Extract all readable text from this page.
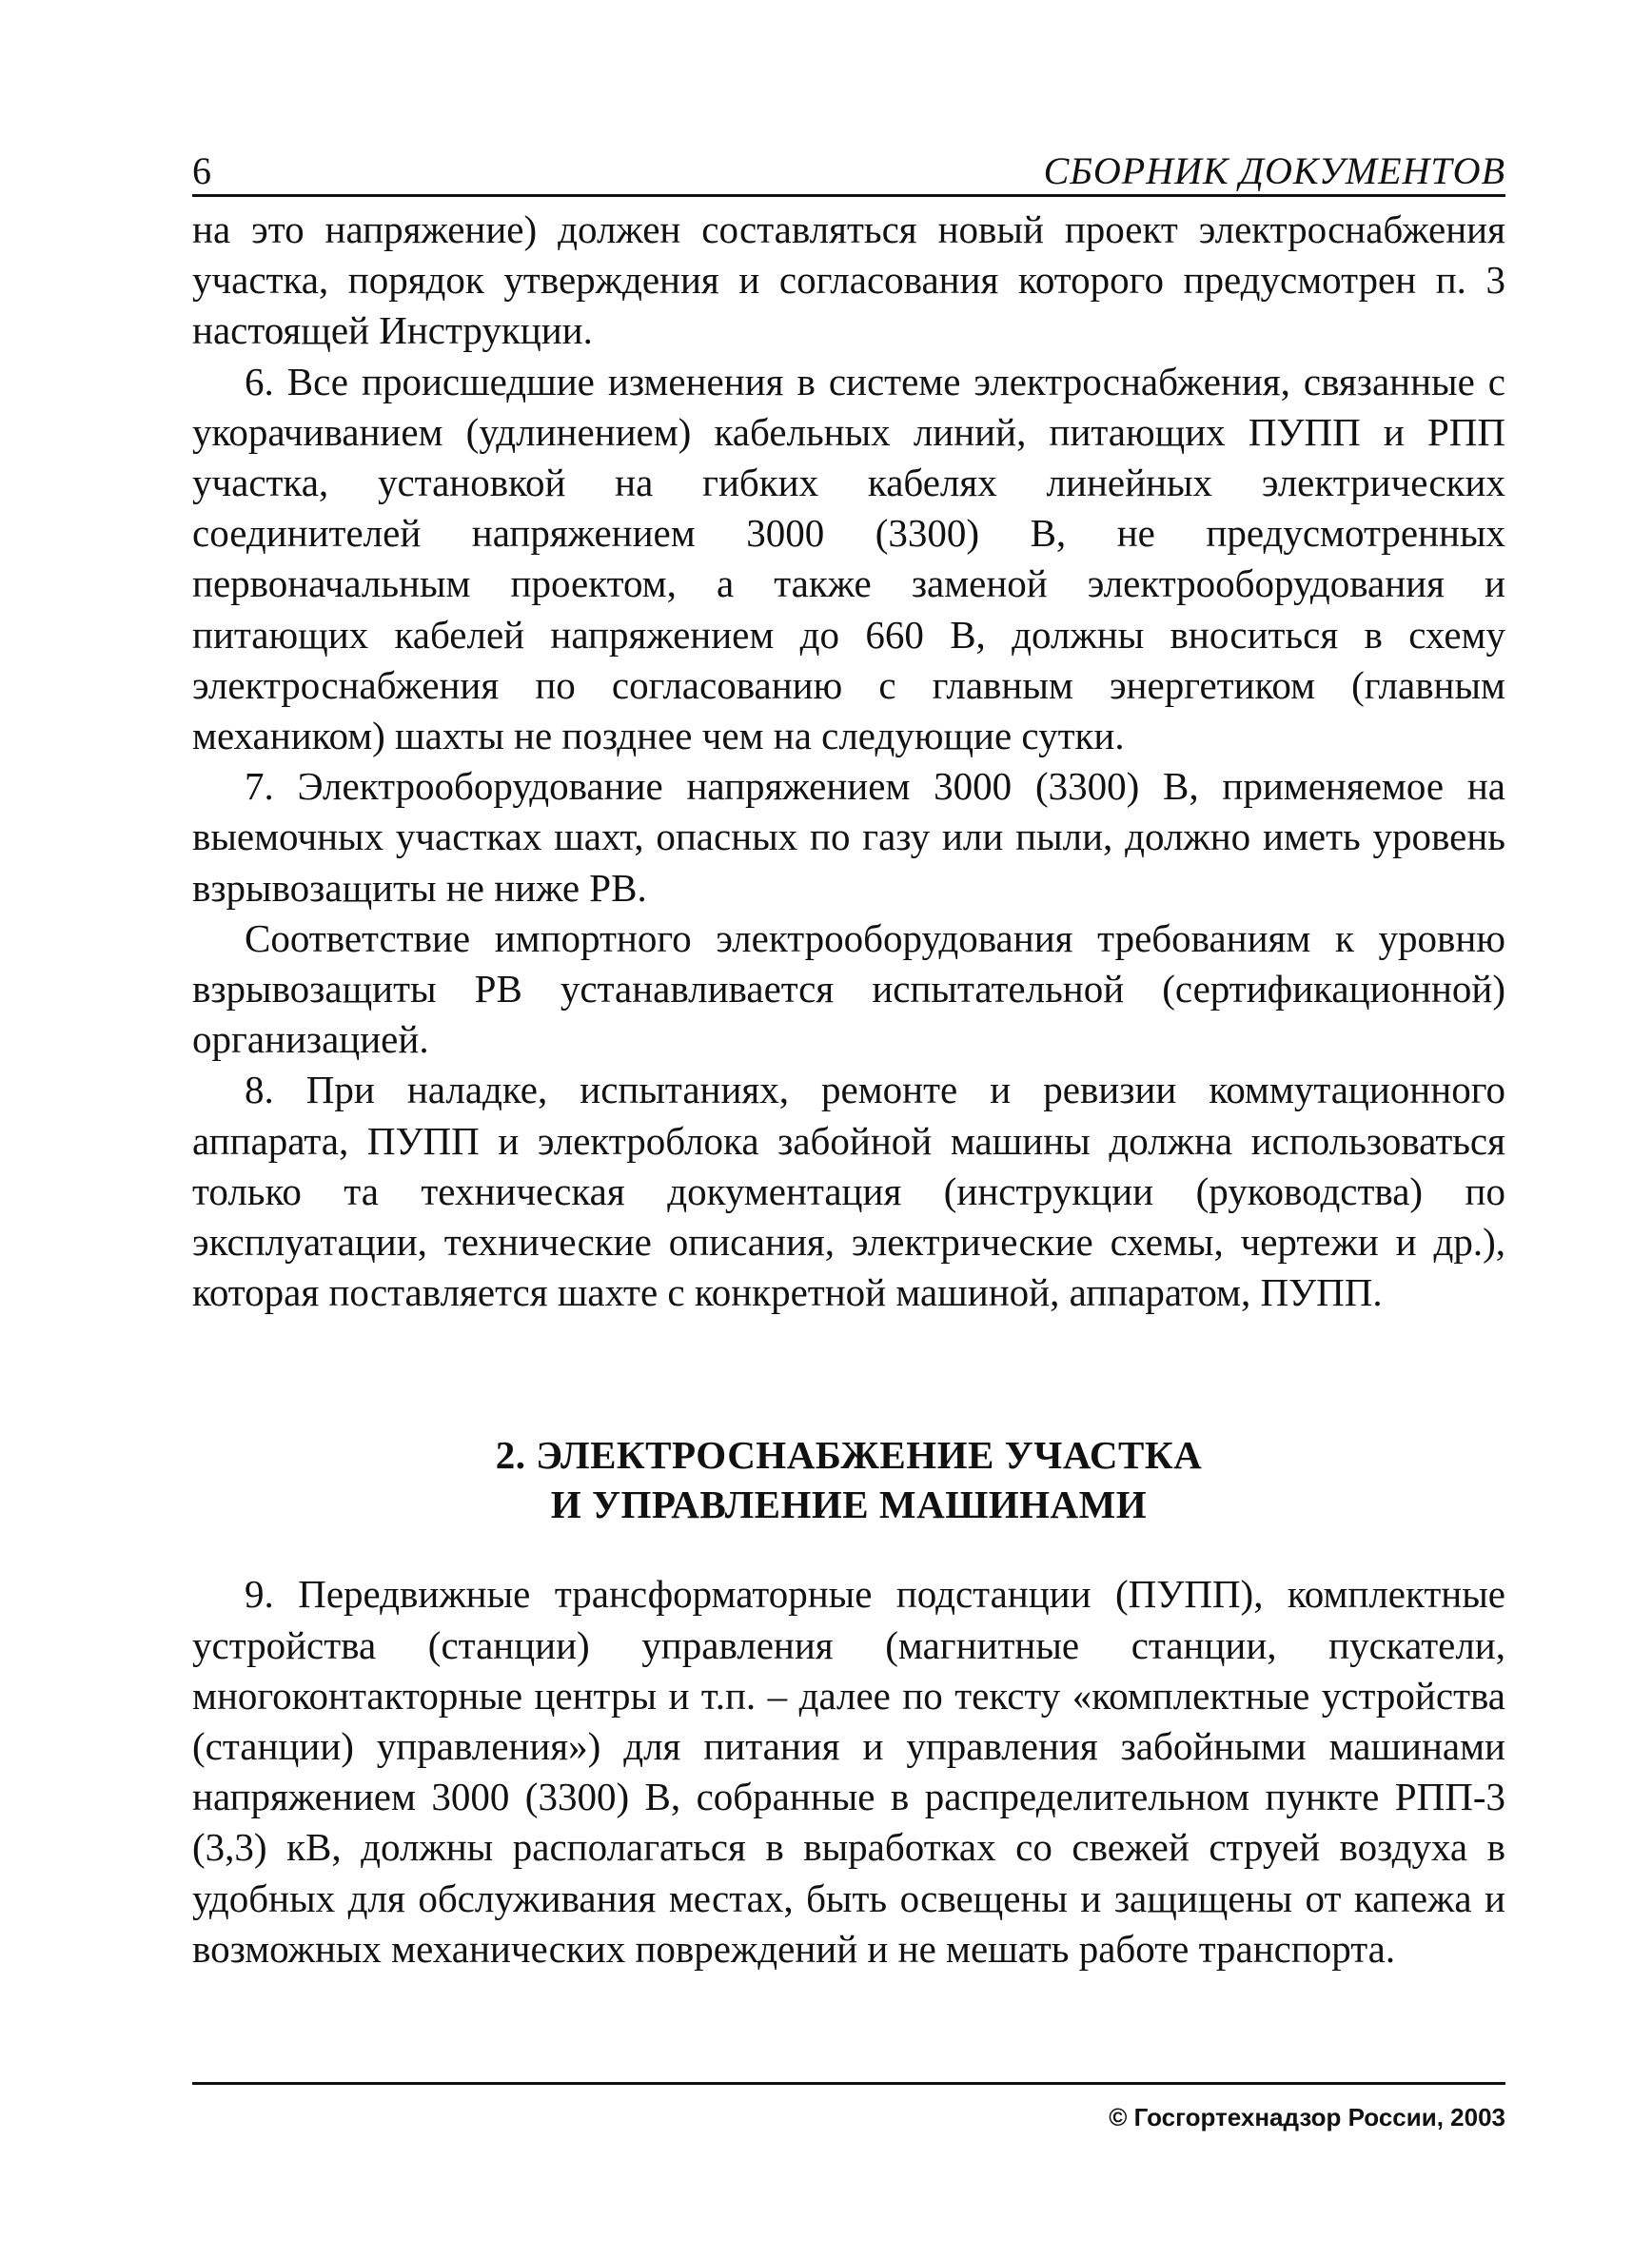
6	СБОРНИК ДОКУМЕНТОВ

на это напряжение) должен составляться новый проект электроснабжения участка, порядок утверждения и согласования которого предусмотрен п. 3 настоящей Инструкции.

6. Все происшедшие изменения в системе электроснабжения, связанные с укорачиванием (удлинением) кабельных линий, питающих ПУПП и РПП участка, установкой на гибких кабелях линейных электрических соединителей напряжением 3000 (3300) В, не предусмотренных первоначальным проектом, а также заменой электрооборудования и питающих кабелей напряжением до 660 В, должны вноситься в схему электроснабжения по согласованию с главным энергетиком (главным механиком) шахты не позднее чем на следующие сутки.

7. Электрооборудование напряжением 3000 (3300) В, применяемое на выемочных участках шахт, опасных по газу или пыли, должно иметь уровень взрывозащиты не ниже РВ.

Соответствие импортного электрооборудования требованиям к уровню взрывозащиты РВ устанавливается испытательной (сертификационной) организацией.

8. При наладке, испытаниях, ремонте и ревизии коммутационного аппарата, ПУПП и электроблока забойной машины должна использоваться только та техническая документация (инструкции (руководства) по эксплуатации, технические описания, электрические схемы, чертежи и др.), которая поставляется шахте с конкретной машиной, аппаратом, ПУПП.

2. ЭЛЕКТРОСНАБЖЕНИЕ УЧАСТКА
И УПРАВЛЕНИЕ МАШИНАМИ

9. Передвижные трансформаторные подстанции (ПУПП), комплектные устройства (станции) управления (магнитные станции, пускатели, многоконтакторные центры и т.п. – далее по тексту «комплектные устройства (станции) управления») для питания и управления забойными машинами напряжением 3000 (3300) В, собранные в распределительном пункте РПП-3 (3,3) кВ, должны располагаться в выработках со свежей струей воздуха в удобных для обслуживания местах, быть освещены и защищены от капежа и возможных механических повреждений и не мешать работе транспорта.

© Госгортехнадзор России, 2003
